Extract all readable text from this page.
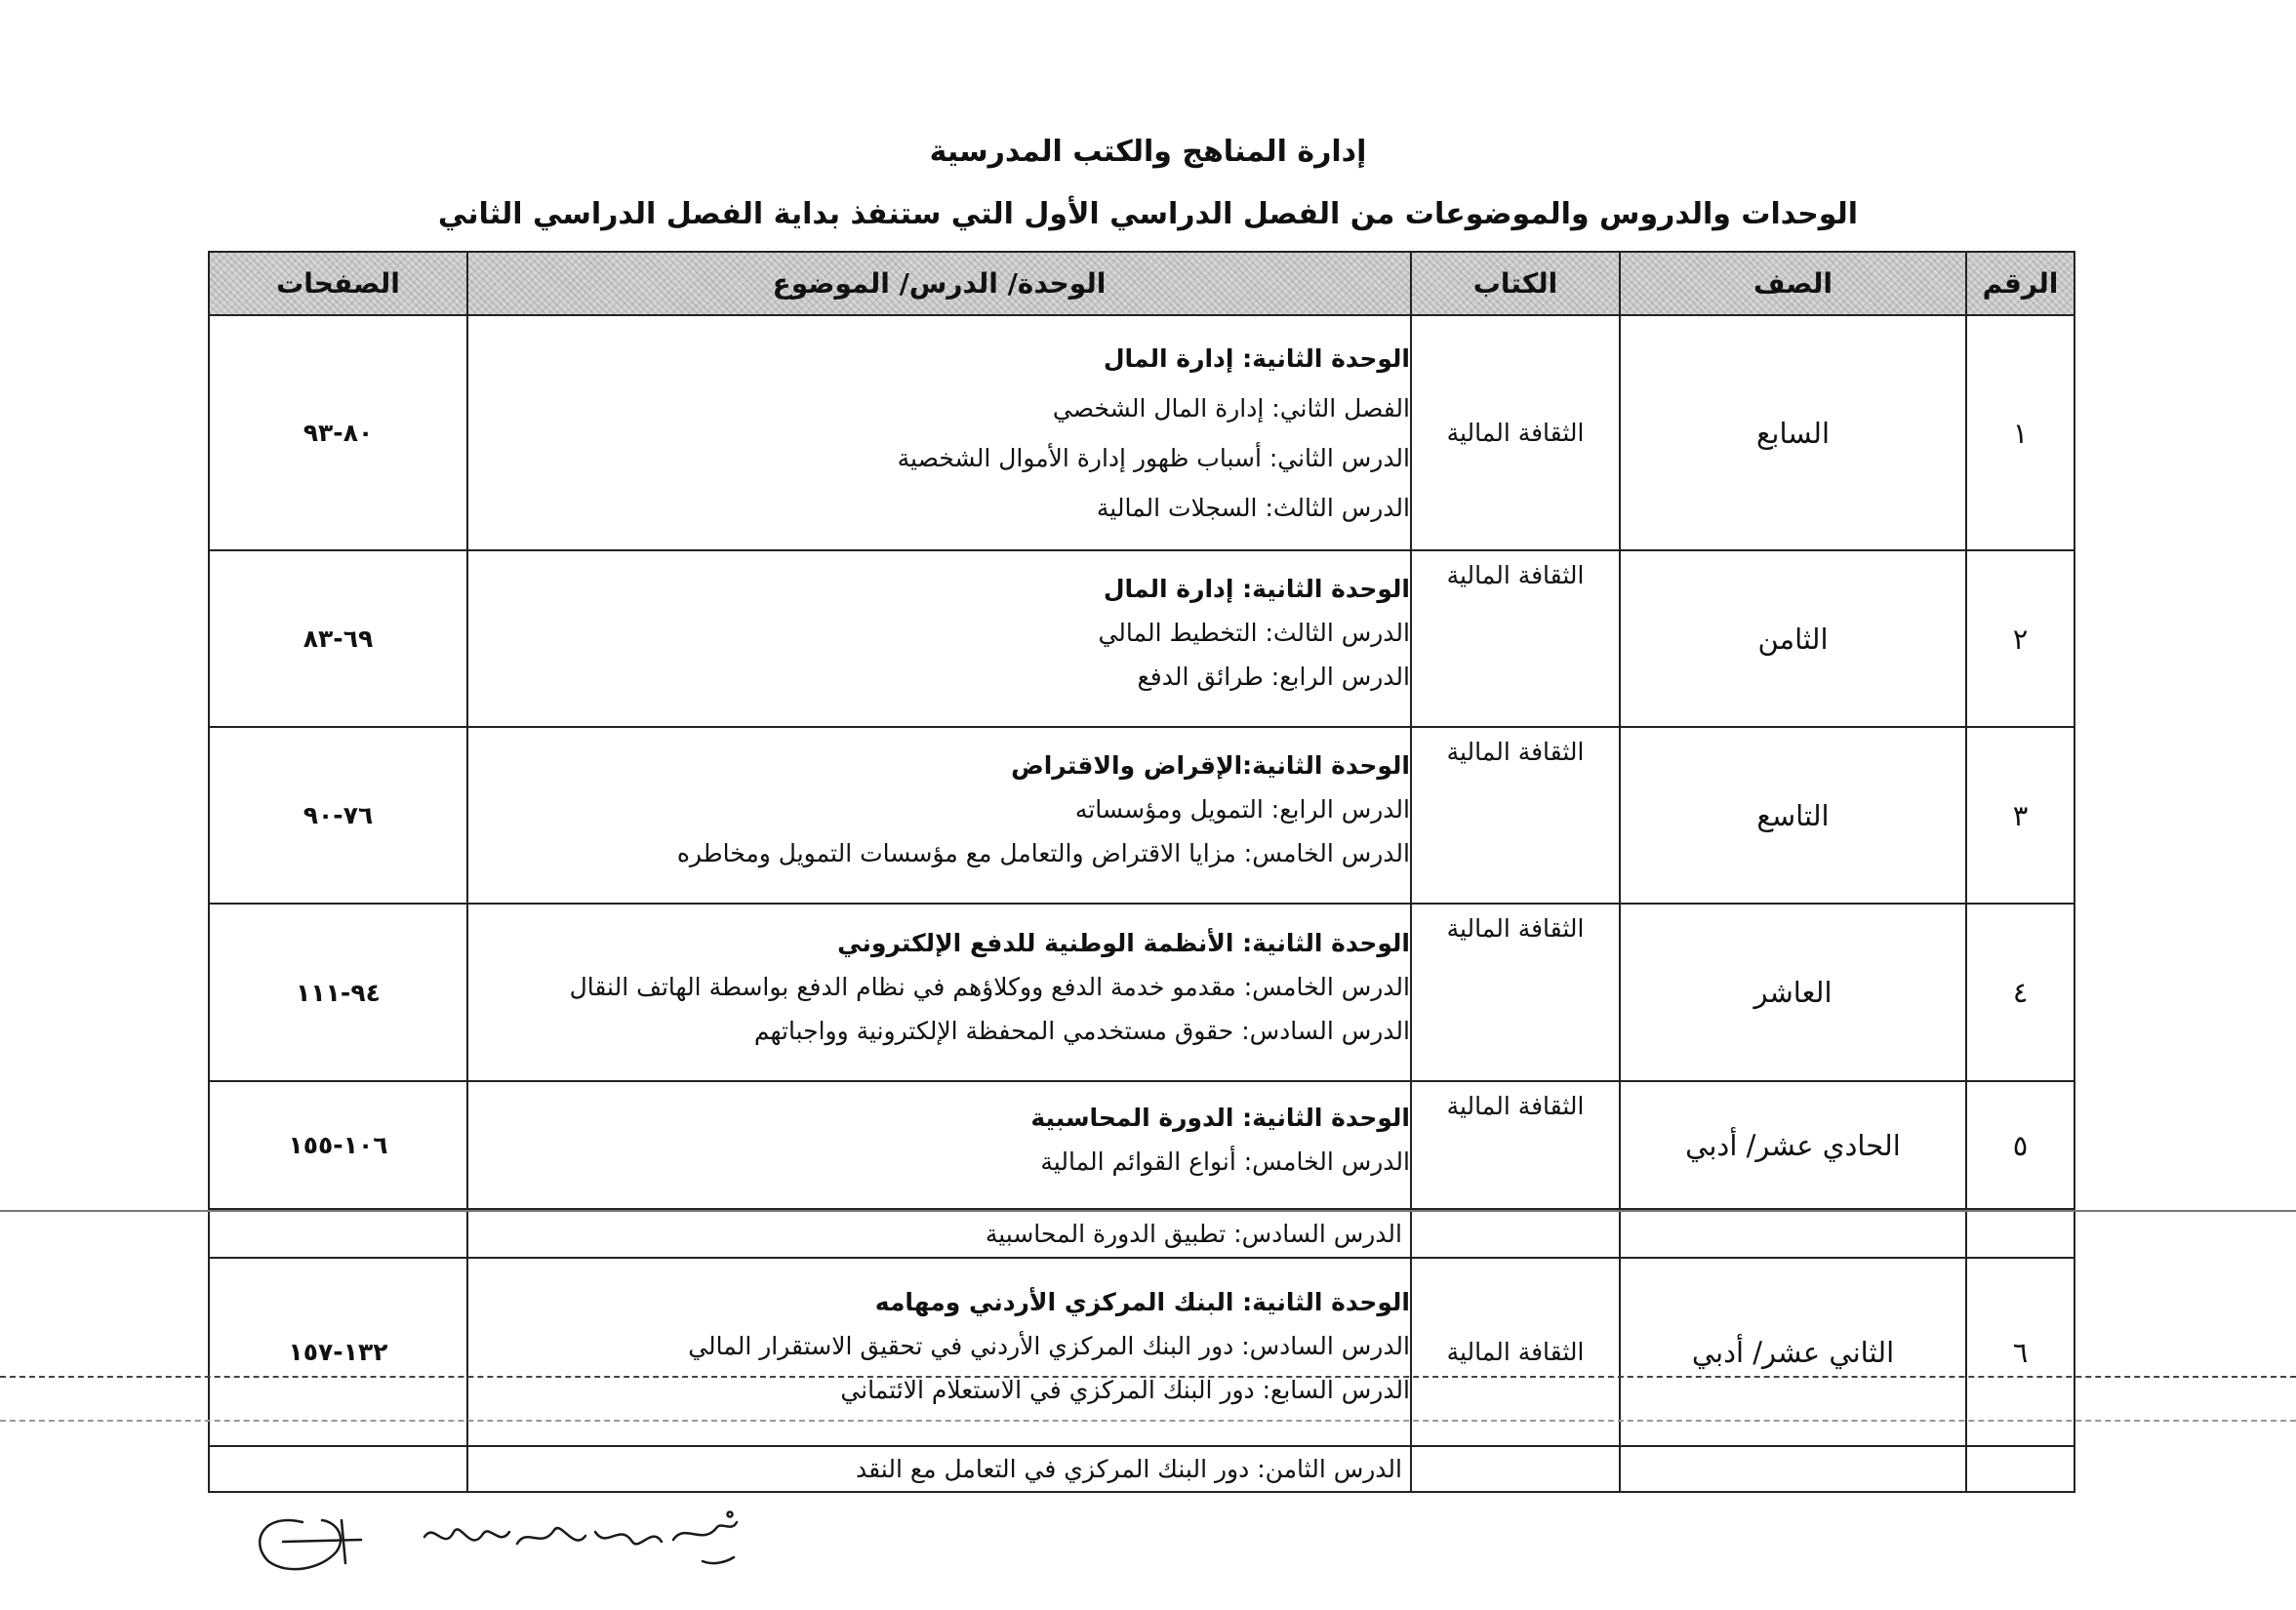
إدارة المناهج والكتب المدرسية
الوحدات والدروس والموضوعات من الفصل الدراسي الأول التي ستنفذ بداية الفصل الدراسي الثاني
الرقم	الصف	الكتاب	الوحدة/ الدرس/ الموضوع	الصفحات
١	السابع	الثقافة المالية	الوحدة الثانية: إدارة المال
الفصل الثاني: إدارة المال الشخصي
الدرس الثاني: أسباب ظهور إدارة الأموال الشخصية
الدرس الثالث: السجلات المالية	٨٠-٩٣
٢	الثامن	الثقافة المالية	الوحدة الثانية: إدارة المال
الدرس الثالث: التخطيط المالي
الدرس الرابع: طرائق الدفع	٦٩-٨٣
٣	التاسع	الثقافة المالية	الوحدة الثانية:الإقراض والاقتراض
الدرس الرابع: التمويل ومؤسساته
الدرس الخامس: مزايا الاقتراض والتعامل مع مؤسسات التمويل ومخاطره	٧٦-٩٠
٤	العاشر	الثقافة المالية	الوحدة الثانية: الأنظمة الوطنية للدفع الإلكتروني
الدرس الخامس: مقدمو خدمة الدفع ووكلاؤهم في نظام الدفع بواسطة الهاتف النقال
الدرس السادس: حقوق مستخدمي المحفظة الإلكترونية وواجباتهم	٩٤-١١١
٥	الحادي عشر/ أدبي	الثقافة المالية	الوحدة الثانية: الدورة المحاسبية
الدرس الخامس: أنواع القوائم المالية	١٠٦-١٥٥

			الدرس السادس: تطبيق الدورة المحاسبية	

٦	الثاني عشر/ أدبي	الثقافة المالية	الوحدة الثانية: البنك المركزي الأردني ومهامه
الدرس السادس: دور البنك المركزي الأردني في تحقيق الاستقرار المالي
الدرس السابع: دور البنك المركزي في الاستعلام الائتماني	١٣٢-١٥٧

			الدرس الثامن: دور البنك المركزي في التعامل مع النقد	
